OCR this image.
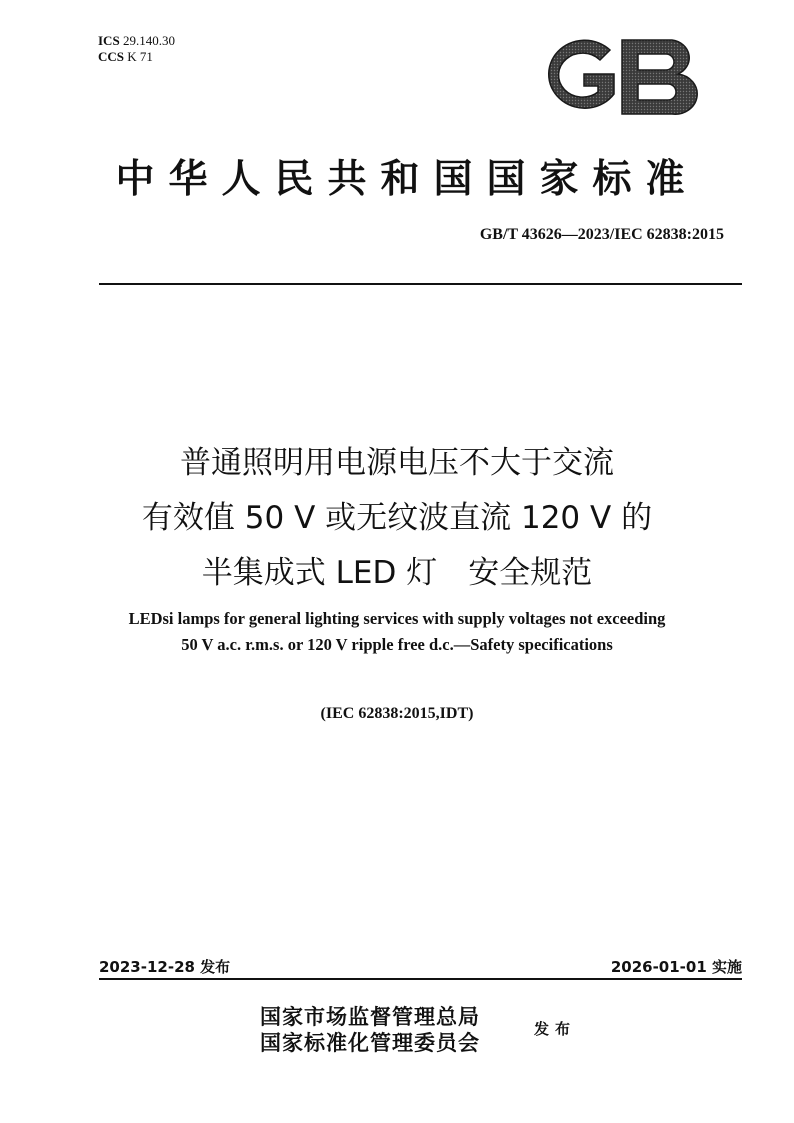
ICS 29.140.30
CCS K 71
中华人民共和国国家标准
GB/T 43626—2023/IEC 62838:2015
普通照明用电源电压不大于交流
有效值 50 V 或无纹波直流 120 V 的
半集成式 LED 灯　安全规范
LEDsi lamps for general lighting services with supply voltages not exceeding
50 V a.c. r.m.s. or 120 V ripple free d.c.—Safety specifications
(IEC 62838:2015,IDT)
2023-12-28 发布	2026-01-01 实施
国家市场监督管理总局
国家标准化管理委员会
发布
